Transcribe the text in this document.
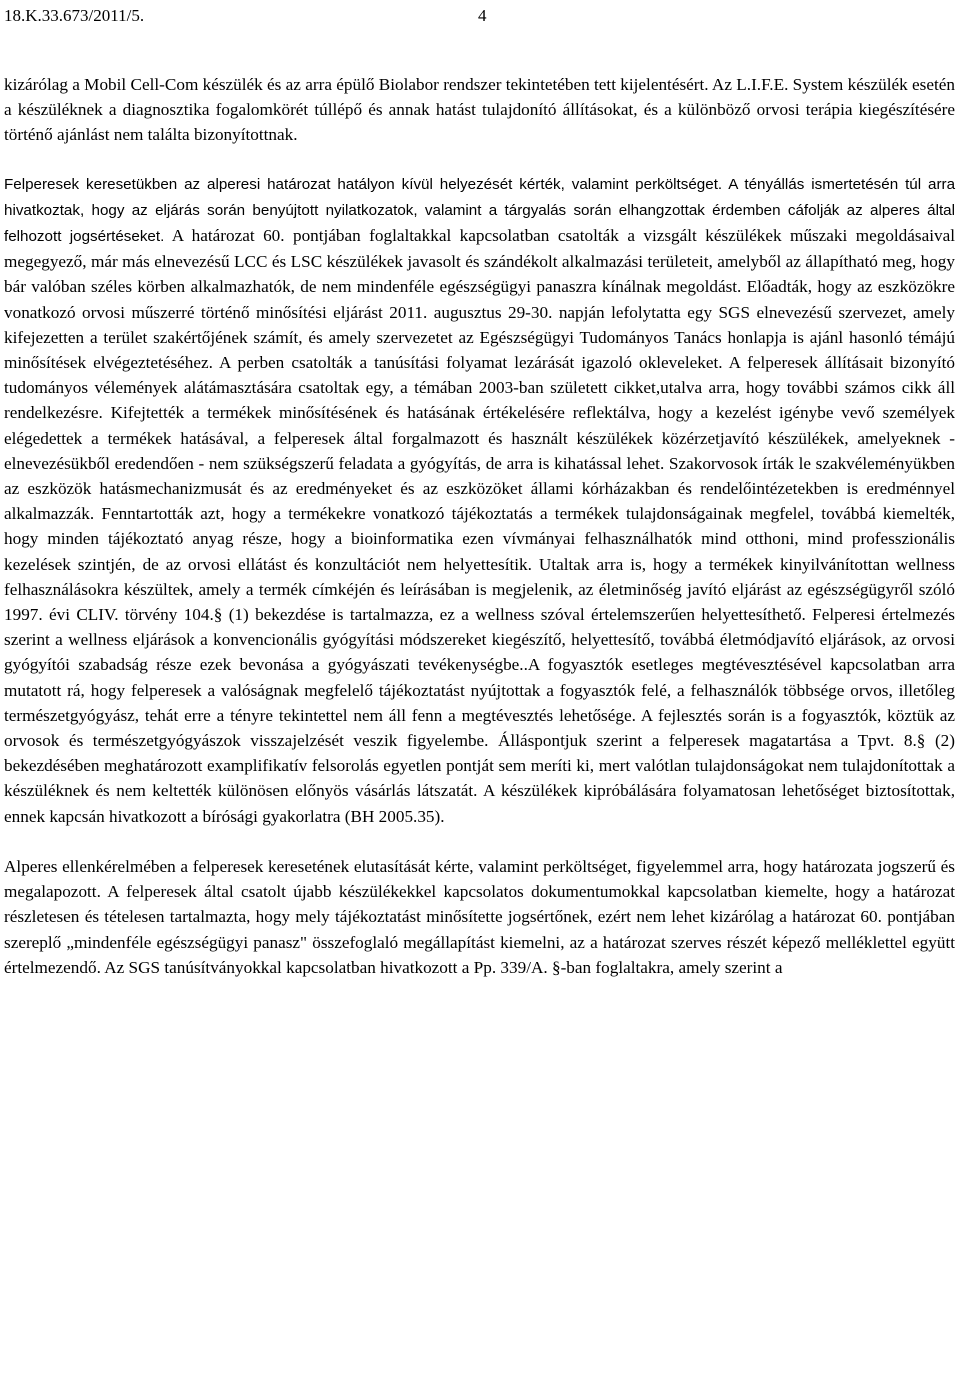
18.K.33.673/2011/5.	4

kizárólag a Mobil Cell-Com készülék és az arra épülő Biolabor rendszer tekintetében tett kijelentésért. Az L.I.F.E. System készülék esetén a készüléknek a diagnosztika fogalomkörét túllépő és annak hatást tulajdonító állításokat, és a különböző orvosi terápia kiegészítésére történő ajánlást nem találta bizonyítottnak.

Felperesek keresetükben az alperesi határozat hatályon kívül helyezését kérték, valamint perköltséget. A tényállás ismertetésén túl arra hivatkoztak, hogy az eljárás során benyújtott nyilatkozatok, valamint a tárgyalás során elhangzottak érdemben cáfolják az alperes által felhozott jogsértéseket. A határozat 60. pontjában foglaltakkal kapcsolatban csatolták a vizsgált készülékek műszaki megoldásaival megegyező, már más elnevezésű LCC és LSC készülékek javasolt és szándékolt alkalmazási területeit, amelyből az állapítható meg, hogy bár valóban széles körben alkalmazhatók, de nem mindenféle egészségügyi panaszra kínálnak megoldást. Előadták, hogy az eszközökre vonatkozó orvosi műszerré történő minősítési eljárást 2011. augusztus 29-30. napján lefolytatta egy SGS elnevezésű szervezet, amely kifejezetten a terület szakértőjének számít, és amely szervezetet az Egészségügyi Tudományos Tanács honlapja is ajánl hasonló témájú minősítések elvégeztetéséhez. A perben csatolták a tanúsítási folyamat lezárását igazoló okleveleket. A felperesek állításait bizonyító tudományos vélemények alátámasztására csatoltak egy, a témában 2003-ban született cikket,utalva arra, hogy további számos cikk áll rendelkezésre. Kifejtették a termékek minősítésének és hatásának értékelésére reflektálva, hogy a kezelést igénybe vevő személyek elégedettek a termékek hatásával, a felperesek által forgalmazott és használt készülékek közérzetjavító készülékek, amelyeknek - elnevezésükből eredendően - nem szükségszerű feladata a gyógyítás, de arra is kihatással lehet. Szakorvosok írták le szakvéleményükben az eszközök hatásmechanizmusát és az eredményeket és az eszközöket állami kórházakban és rendelőintézetekben is eredménnyel alkalmazzák. Fenntartották azt, hogy a termékekre vonatkozó tájékoztatás a termékek tulajdonságainak megfelel, továbbá kiemelték, hogy minden tájékoztató anyag része, hogy a bioinformatika ezen vívmányai felhasználhatók mind otthoni, mind professzionális kezelések szintjén, de az orvosi ellátást és konzultációt nem helyettesítik. Utaltak arra is, hogy a termékek kinyilvánítottan wellness felhasználásokra készültek, amely a termék címkéjén és leírásában is megjelenik, az életminőség javító eljárást az egészségügyről szóló 1997. évi CLIV. törvény 104.§ (1) bekezdése is tartalmazza, ez a wellness szóval értelemszerűen helyettesíthető. Felperesi értelmezés szerint a wellness eljárások a konvencionális gyógyítási módszereket kiegészítő, helyettesítő, továbbá életmódjavító eljárások, az orvosi gyógyítói szabadság része ezek bevonása a gyógyászati tevékenységbe..A fogyasztók esetleges megtévesztésével kapcsolatban arra mutatott rá, hogy felperesek a valóságnak megfelelő tájékoztatást nyújtottak a fogyasztók felé, a felhasználók többsége orvos, illetőleg természetgyógyász, tehát erre a tényre tekintettel nem áll fenn a megtévesztés lehetősége. A fejlesztés során is a fogyasztók, köztük az orvosok és természetgyógyászok visszajelzését veszik figyelembe. Álláspontjuk szerint a felperesek magatartása a Tpvt. 8.§ (2) bekezdésében meghatározott examplifikatív felsorolás egyetlen pontját sem meríti ki, mert valótlan tulajdonságokat nem tulajdonítottak a készüléknek és nem keltették különösen előnyös vásárlás látszatát. A készülékek kipróbálására folyamatosan lehetőséget biztosítottak, ennek kapcsán hivatkozott a bírósági gyakorlatra (BH 2005.35).

Alperes ellenkérelmében a felperesek keresetének elutasítását kérte, valamint perköltséget, figyelemmel arra, hogy határozata jogszerű és megalapozott. A felperesek által csatolt újabb készülékekkel kapcsolatos dokumentumokkal kapcsolatban kiemelte, hogy a határozat részletesen és tételesen tartalmazta, hogy mely tájékoztatást minősítette jogsértőnek, ezért nem lehet kizárólag a határozat 60. pontjában szereplő „mindenféle egészségügyi panasz" összefoglaló megállapítást kiemelni, az a határozat szerves részét képező melléklettel együtt értelmezendő. Az SGS tanúsítványokkal kapcsolatban hivatkozott a Pp. 339/A. §-ban foglaltakra, amely szerint a
